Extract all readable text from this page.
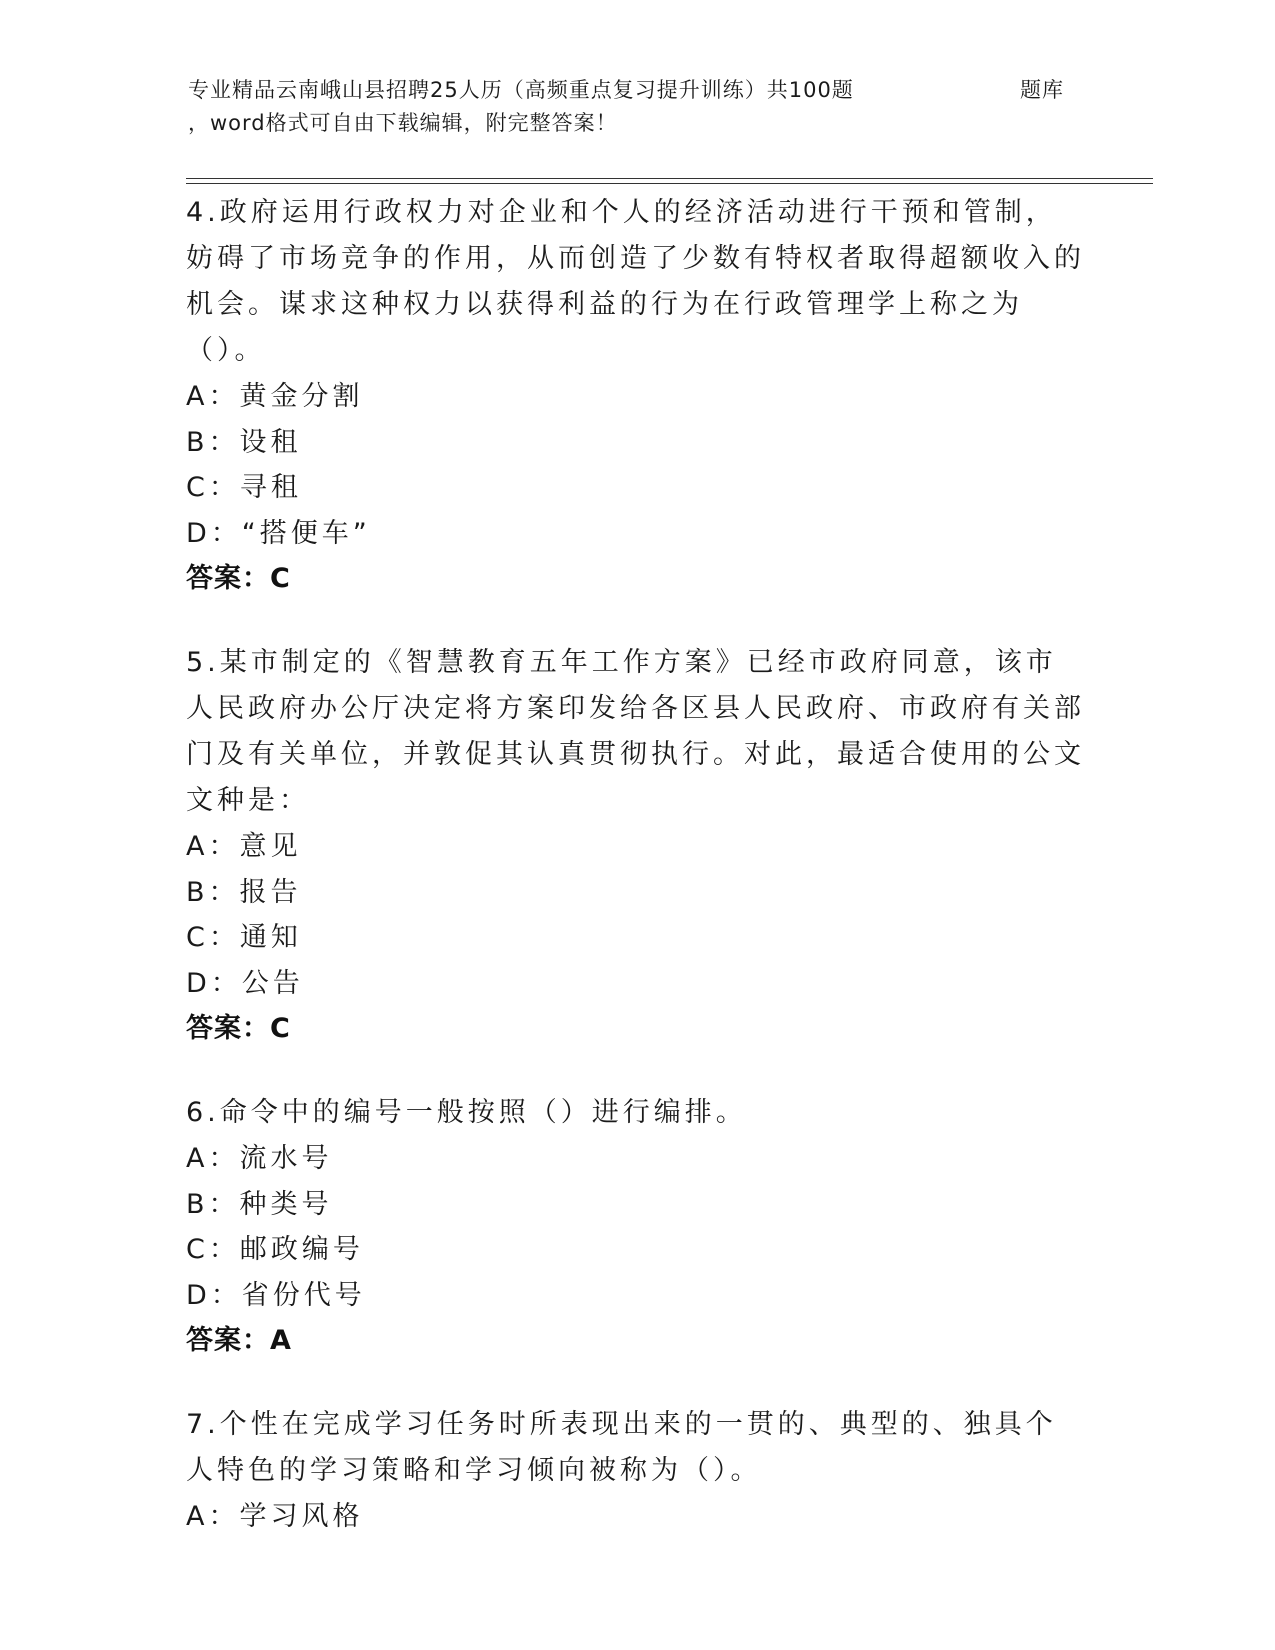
专业精品云南峨山县招聘25人历（高频重点复习提升训练）共100题	题库
，word格式可自由下载编辑，附完整答案！

4.政府运用行政权力对企业和个人的经济活动进行干预和管制，妨碍了市场竞争的作用，从而创造了少数有特权者取得超额收入的机会。谋求这种权力以获得利益的行为在行政管理学上称之为（）。

A：黄金分割
B：设租
C：寻租
D：“搭便车”
答案：C

5.某市制定的《智慧教育五年工作方案》已经市政府同意，该市人民政府办公厅决定将方案印发给各区县人民政府、市政府有关部门及有关单位，并敦促其认真贯彻执行。对此，最适合使用的公文文种是：

A：意见
B：报告
C：通知
D：公告
答案：C

6.命令中的编号一般按照（）进行编排。

A：流水号
B：种类号
C：邮政编号
D：省份代号
答案：A

7.个性在完成学习任务时所表现出来的一贯的、典型的、独具个人特色的学习策略和学习倾向被称为（）。

A：学习风格
